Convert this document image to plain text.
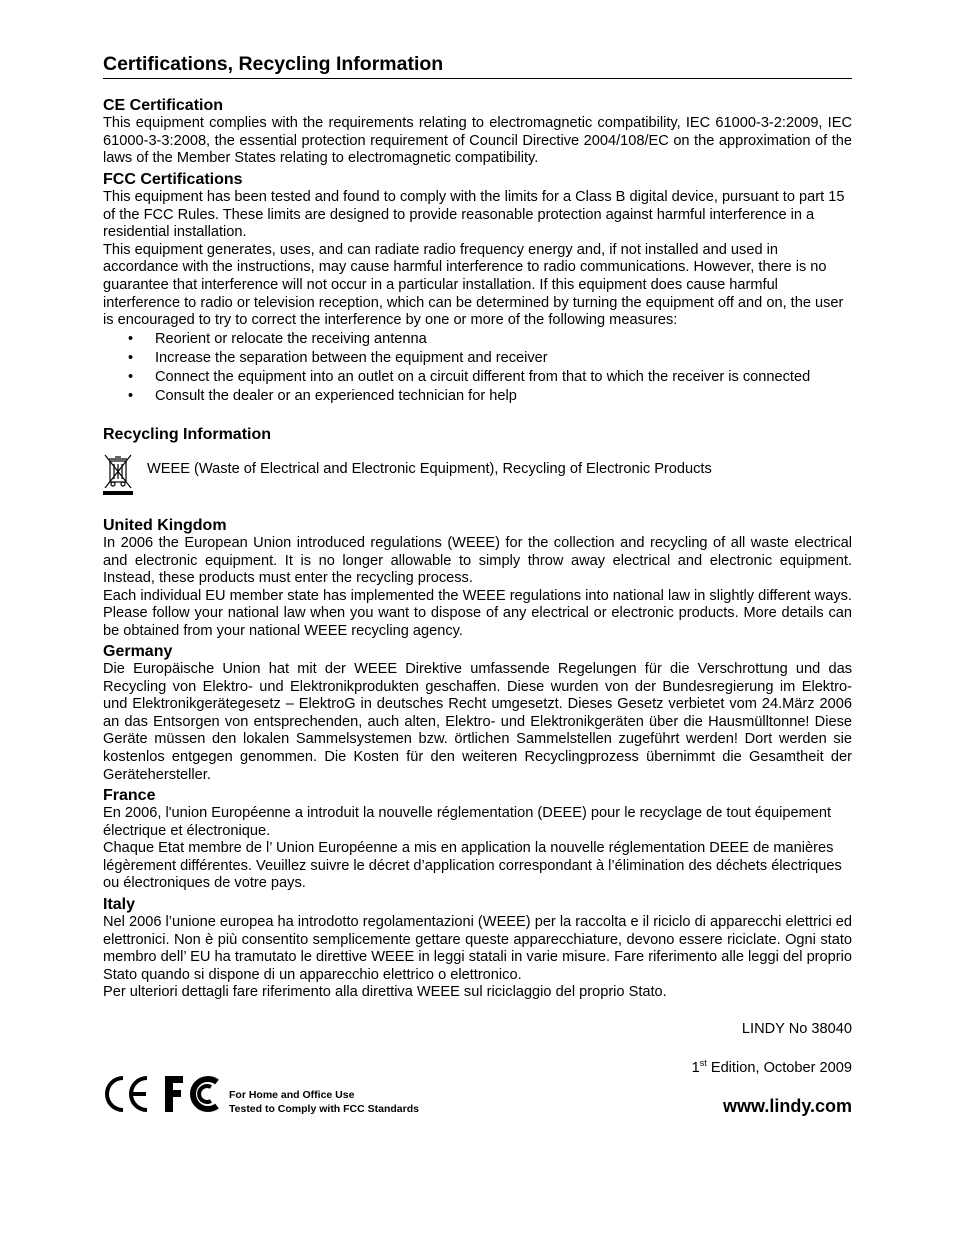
Certifications, Recycling Information
CE Certification

This equipment complies with the requirements relating to electromagnetic compatibility, IEC 61000-3-2:2009, IEC 61000-3-3:2008, the essential protection requirement of Council Directive 2004/108/EC on the approximation of the laws of the Member States relating to electromagnetic compatibility.

FCC Certifications

This equipment has been tested and found to comply with the limits for a Class B digital device, pursuant to part 15 of the FCC Rules. These limits are designed to provide reasonable protection against harmful interference in a residential installation.

This equipment generates, uses, and can radiate radio frequency energy and, if not installed and used in accordance with the instructions, may cause harmful interference to radio communications. However, there is no guarantee that interference will not occur in a particular installation. If this equipment does cause harmful interference to radio or television reception, which can be determined by turning the equipment off and on, the user is encouraged to try to correct the interference by one or more of the following measures:

• Reorient or relocate the receiving antenna
• Increase the separation between the equipment and receiver
• Connect the equipment into an outlet on a circuit different from that to which the receiver is connected
• Consult the dealer or an experienced technician for help
Recycling Information
WEEE (Waste of Electrical and Electronic Equipment), Recycling of Electronic Products
United Kingdom

In 2006 the European Union introduced regulations (WEEE) for the collection and recycling of all waste electrical and electronic equipment. It is no longer allowable to simply throw away electrical and electronic equipment. Instead, these products must enter the recycling process.

Each individual EU member state has implemented the WEEE regulations into national law in slightly different ways. Please follow your national law when you want to dispose of any electrical or electronic products. More details can be obtained from your national WEEE recycling agency.

Germany

Die Europäische Union hat mit der WEEE Direktive umfassende Regelungen für die Verschrottung und das Recycling von Elektro- und Elektronikprodukten geschaffen. Diese wurden von der Bundesregierung im Elektro- und Elektronikgerätegesetz – ElektroG in deutsches Recht umgesetzt. Dieses Gesetz verbietet vom 24.März 2006 an das Entsorgen von entsprechenden, auch alten, Elektro- und Elektronikgeräten über die Hausmülltonne! Diese Geräte müssen den lokalen Sammelsystemen bzw. örtlichen Sammelstellen zugeführt werden! Dort werden sie kostenlos entgegen genommen. Die Kosten für den weiteren Recyclingprozess übernimmt die Gesamtheit der Gerätehersteller.

France

En 2006, l'union Européenne a introduit la nouvelle réglementation (DEEE) pour le recyclage de tout équipement électrique et électronique.

Chaque Etat membre de l’ Union Européenne a mis en application la nouvelle réglementation DEEE de manières légèrement différentes. Veuillez suivre le décret d’application correspondant à l’élimination des déchets électriques ou électroniques de votre pays.

Italy

Nel 2006 l’unione europea ha introdotto regolamentazioni (WEEE) per la raccolta e il riciclo di apparecchi elettrici ed elettronici. Non è più consentito semplicemente gettare queste apparecchiature, devono essere riciclate. Ogni stato membro dell’ EU ha tramutato le direttive WEEE in leggi statali in varie misure. Fare riferimento alle leggi del proprio Stato quando si dispone di un apparecchio elettrico o elettronico.

Per ulteriori dettagli fare riferimento alla direttiva WEEE sul riciclaggio del proprio Stato.

LINDY No 38040
1st Edition, October 2009
www.lindy.com
For Home and Office Use
Tested to Comply with FCC Standards
